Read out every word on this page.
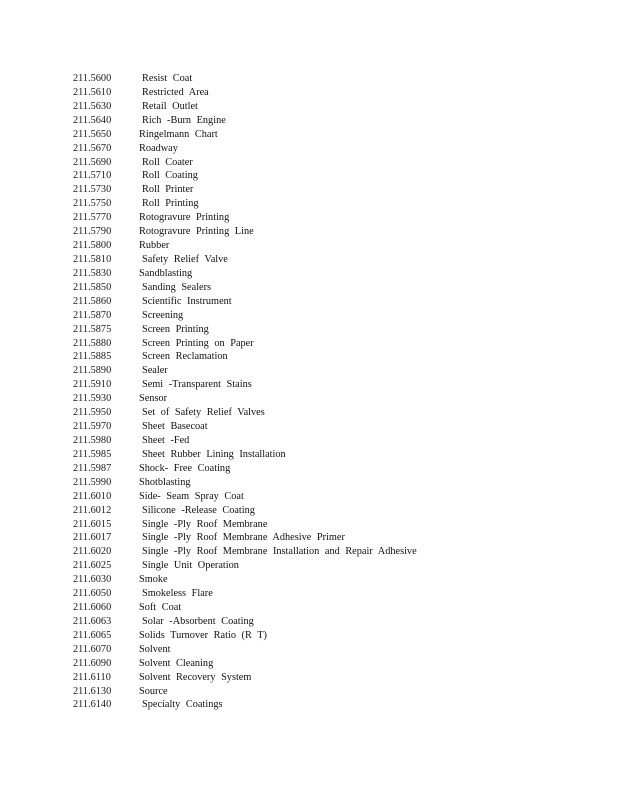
211.5600	Resist Coat
211.5610	Restricted Area
211.5630	Retail Outlet
211.5640	Rich -Burn Engine
211.5650	Ringelmann Chart
211.5670	Roadway
211.5690	Roll Coater
211.5710	Roll Coating
211.5730	Roll Printer
211.5750	Roll Printing
211.5770	Rotogravure Printing
211.5790	Rotogravure Printing Line
211.5800	Rubber
211.5810	Safety Relief Valve
211.5830	Sandblasting
211.5850	Sanding Sealers
211.5860	Scientific Instrument
211.5870	Screening
211.5875	Screen Printing
211.5880	Screen Printing on Paper
211.5885	Screen Reclamation
211.5890	Sealer
211.5910	Semi -Transparent Stains
211.5930	Sensor
211.5950	Set of Safety Relief Valves
211.5970	Sheet Basecoat
211.5980	Sheet -Fed
211.5985	Sheet Rubber Lining Installation
211.5987	Shock- Free Coating
211.5990	Shotblasting
211.6010	Side- Seam Spray Coat
211.6012	Silicone -Release Coating
211.6015	Single -Ply Roof Membrane
211.6017	Single -Ply Roof Membrane Adhesive Primer
211.6020	Single -Ply Roof Membrane Installation and Repair Adhesive
211.6025	Single Unit Operation
211.6030	Smoke
211.6050	Smokeless Flare
211.6060	Soft Coat
211.6063	Solar -Absorbent Coating
211.6065	Solids Turnover Ratio (R T)
211.6070	Solvent
211.6090	Solvent Cleaning
211.6110	Solvent Recovery System
211.6130	Source
211.6140	Specialty Coatings
